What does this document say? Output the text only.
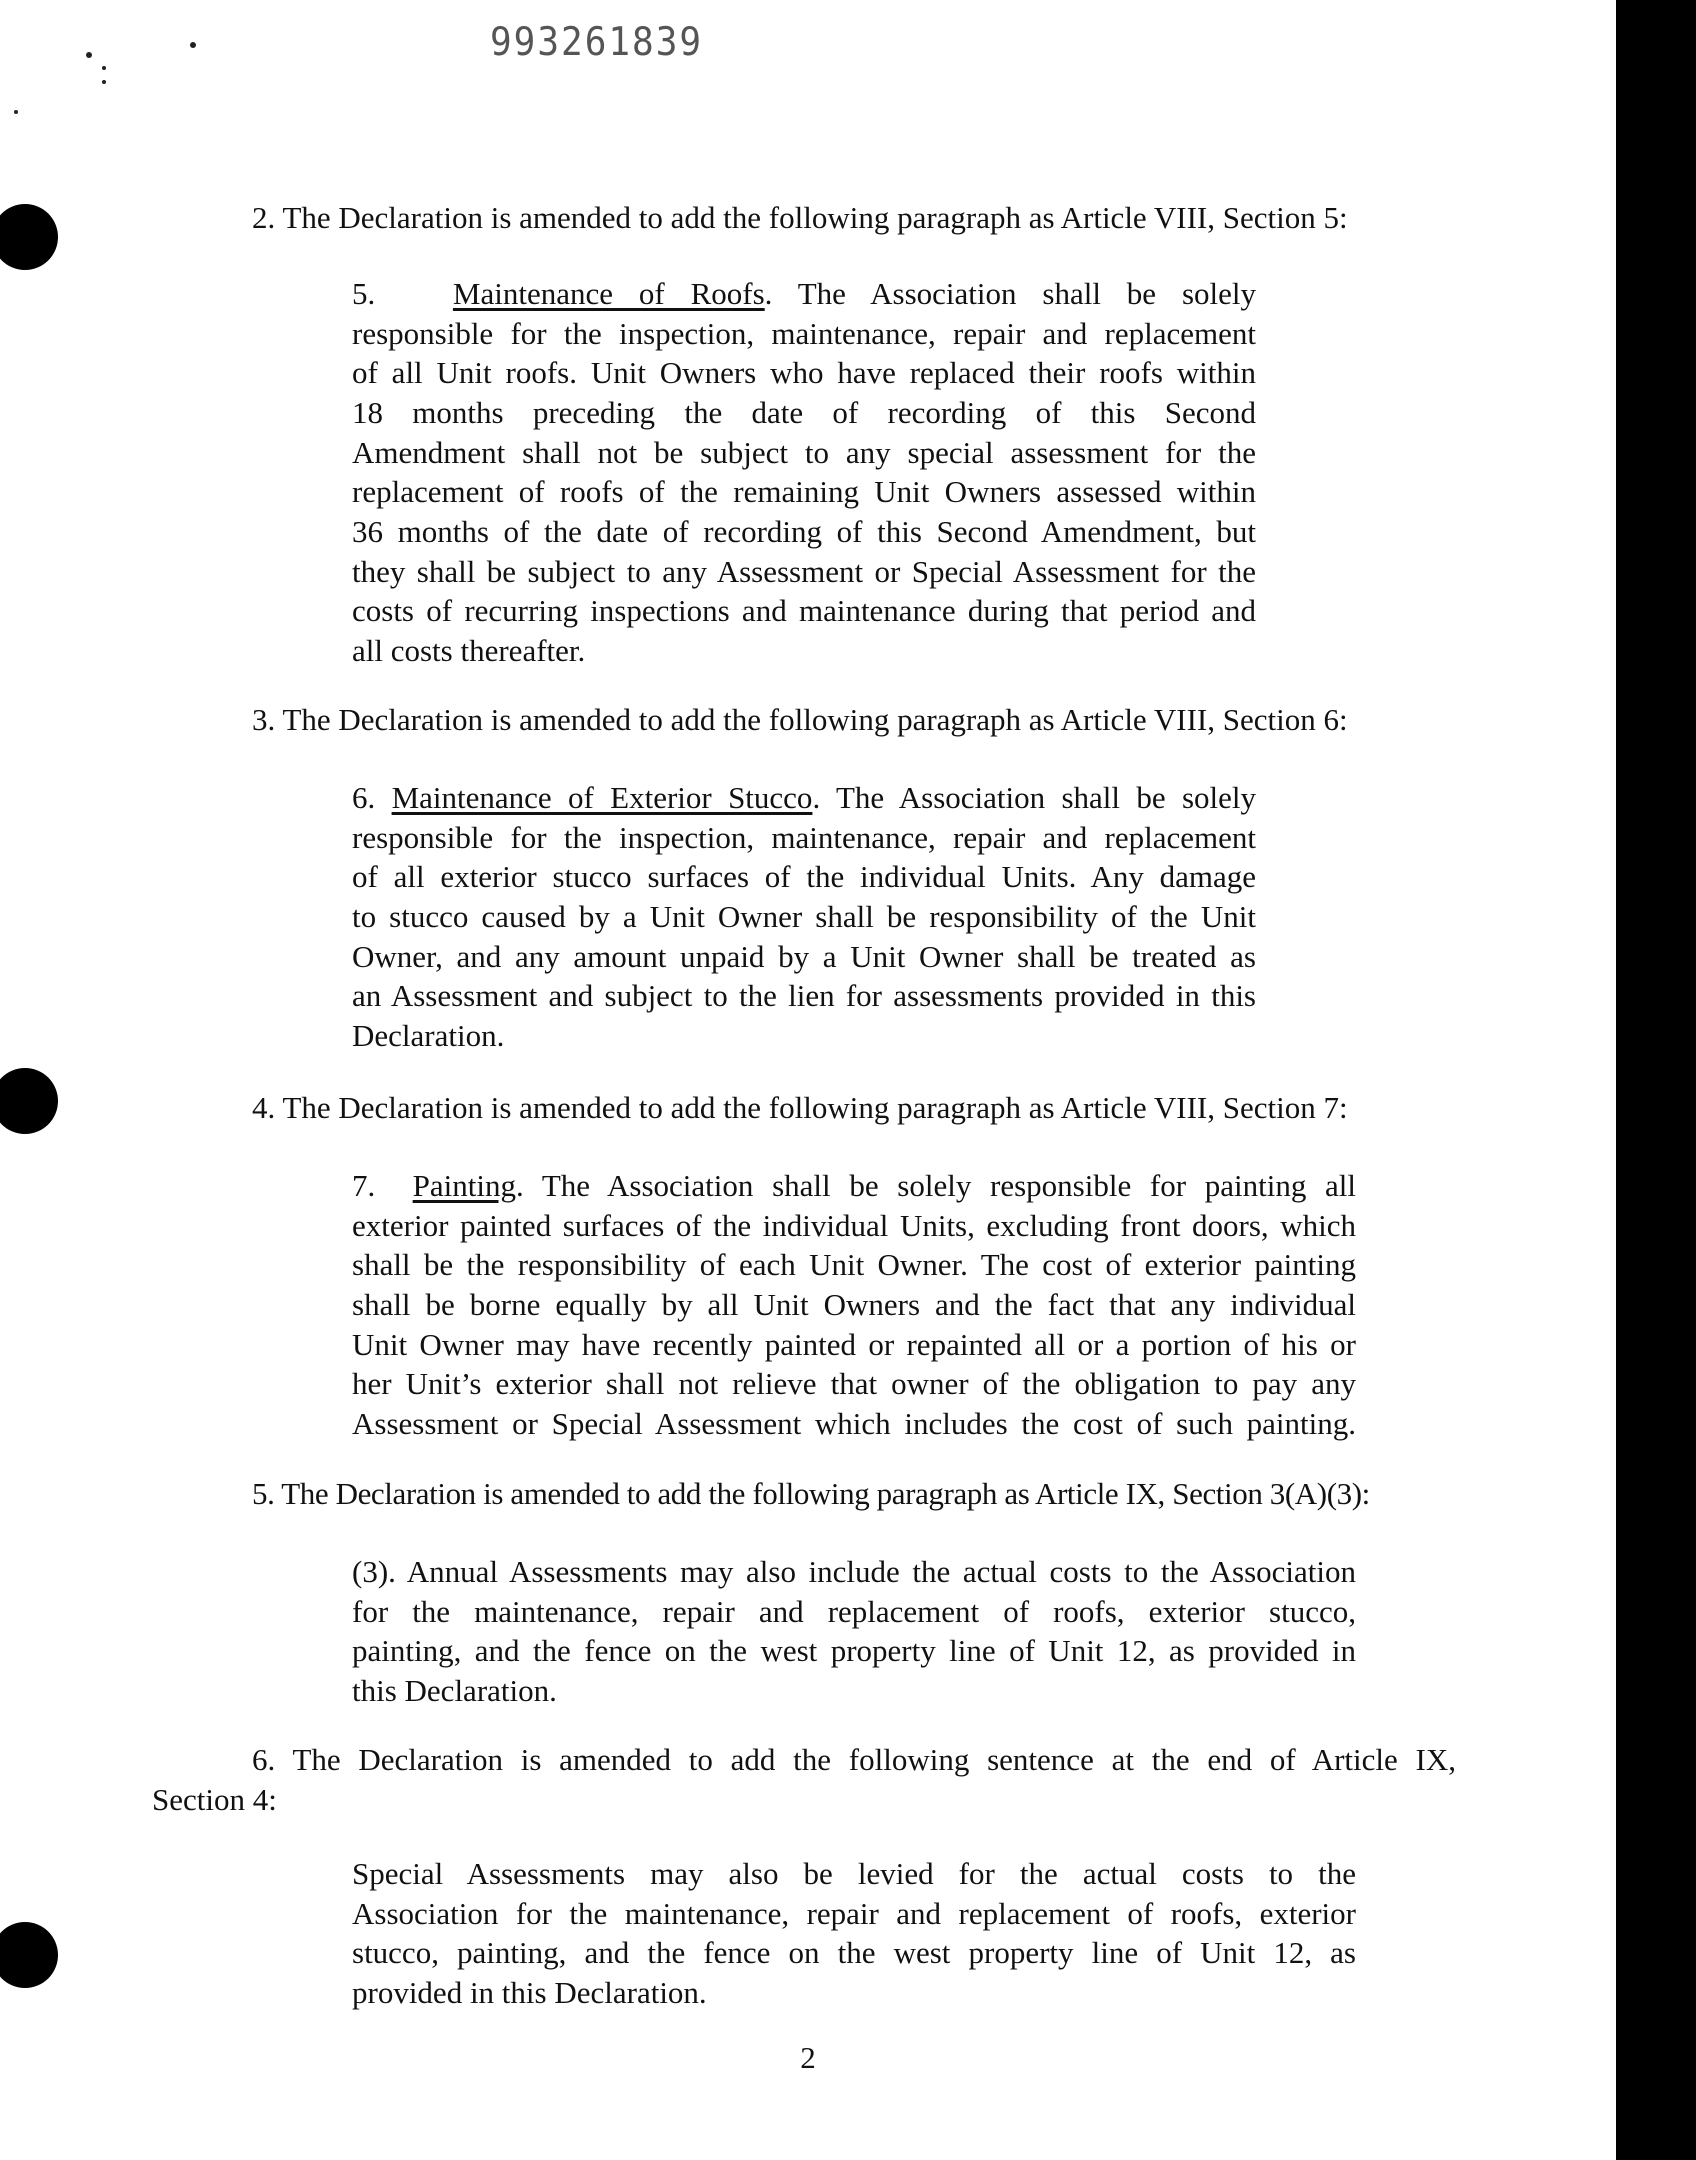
993261839

2. The Declaration is amended to add the following paragraph as Article VIII, Section 5:

5.	Maintenance of Roofs. The Association shall be solely
responsible for the inspection, maintenance, repair and replacement
of all Unit roofs. Unit Owners who have replaced their roofs within
18 months preceding the date of recording of this Second
Amendment shall not be subject to any special assessment for the
replacement of roofs of the remaining Unit Owners assessed within
36 months of the date of recording of this Second Amendment, but
they shall be subject to any Assessment or Special Assessment for the
costs of recurring inspections and maintenance during that period and
all costs thereafter.

3. The Declaration is amended to add the following paragraph as Article VIII, Section 6:

6. Maintenance of Exterior Stucco. The Association shall be solely
responsible for the inspection, maintenance, repair and replacement
of all exterior stucco surfaces of the individual Units. Any damage
to stucco caused by a Unit Owner shall be responsibility of the Unit
Owner, and any amount unpaid by a Unit Owner shall be treated as
an Assessment and subject to the lien for assessments provided in this
Declaration.

4. The Declaration is amended to add the following paragraph as Article VIII, Section 7:

7. Painting. The Association shall be solely responsible for painting all
exterior painted surfaces of the individual Units, excluding front doors, which
shall be the responsibility of each Unit Owner. The cost of exterior painting
shall be borne equally by all Unit Owners and the fact that any individual
Unit Owner may have recently painted or repainted all or a portion of his or
her Unit’s exterior shall not relieve that owner of the obligation to pay any
Assessment or Special Assessment which includes the cost of such painting.

5. The Declaration is amended to add the following paragraph as Article IX, Section 3(A)(3):

(3). Annual Assessments may also include the actual costs to the Association
for the maintenance, repair and replacement of roofs, exterior stucco,
painting, and the fence on the west property line of Unit 12, as provided in
this Declaration.
6. The Declaration is amended to add the following sentence at the end of Article IX,
Section 4:
Special Assessments may also be levied for the actual costs to the
Association for the maintenance, repair and replacement of roofs, exterior
stucco, painting, and the fence on the west property line of Unit 12, as
provided in this Declaration.
2
